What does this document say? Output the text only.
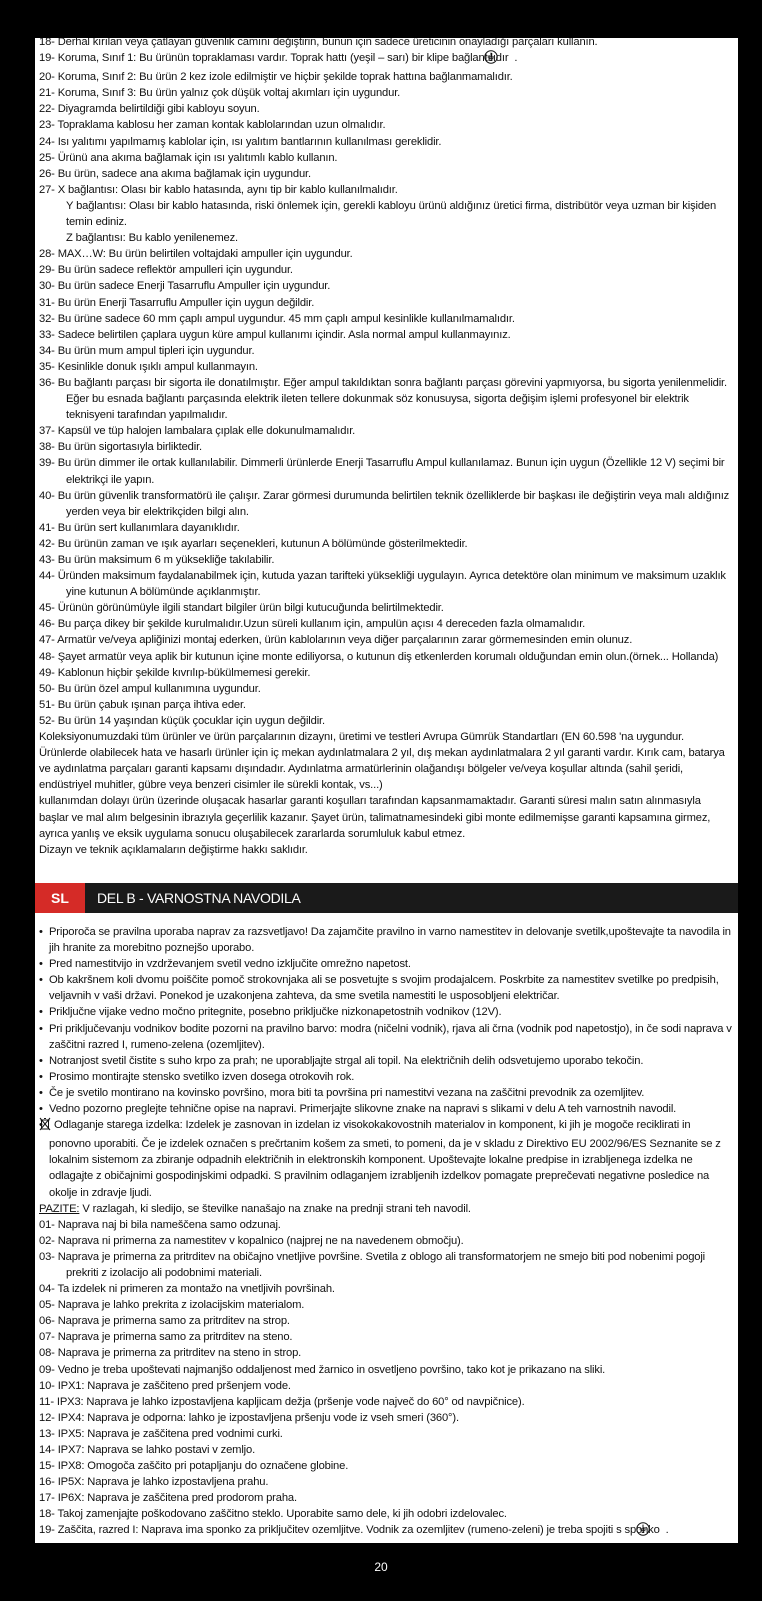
18- Derhal kırılan veya çatlayan güvenlik camını değiştirin, bunun için sadece üreticinin onayladığı parçaları kullanın.
19- Koruma, Sınıf 1: Bu ürünün topraklaması vardır. Toprak hattı (yeşil – sarı) bir klipe bağlantılıdır .
20- Koruma, Sınıf 2: Bu ürün 2 kez izole edilmiştir ve hiçbir şekilde toprak hattına bağlanmamalıdır.
21- Koruma, Sınıf 3: Bu ürün yalnız çok düşük voltaj akımları için uygundur.
22- Diyagramda belirtildiği gibi kabloyu soyun.
23- Topraklama kablosu her zaman kontak kablolarından uzun olmalıdır.
24- Isı yalıtımı yapılmamış kablolar için, ısı yalıtım bantlarının kullanılması gereklidir.
25- Ürünü ana akıma bağlamak için ısı yalıtımlı kablo kullanın.
26- Bu ürün, sadece ana akıma bağlamak için uygundur.
27- X bağlantısı: Olası bir kablo hatasında, aynı tip bir kablo kullanılmalıdır.
Y bağlantısı: Olası bir kablo hatasında, riski önlemek için, gerekli kabloyu ürünü aldığınız üretici firma, distribütör veya uzman bir kişiden temin ediniz.
Z bağlantısı: Bu kablo yenilenemez.
28- MAX…W: Bu ürün belirtilen voltajdaki ampuller için uygundur.
29- Bu ürün sadece reflektör ampulleri için uygundur.
30- Bu ürün sadece Enerji Tasarruflu Ampuller için uygundur.
31- Bu ürün Enerji Tasarruflu Ampuller için uygun değildir.
32- Bu ürüne sadece 60 mm çaplı ampul uygundur. 45 mm çaplı ampul kesinlikle kullanılmamalıdır.
33- Sadece belirtilen çaplara uygun küre ampul kullanımı içindir. Asla normal ampul kullanmayınız.
34- Bu ürün mum ampul tipleri için uygundur.
35- Kesinlikle donuk ışıklı ampul kullanmayın.
36- Bu bağlantı parçası bir sigorta ile donatılmıştır. Eğer ampul takıldıktan sonra bağlantı parçası görevini yapmıyorsa, bu sigorta yenilenmelidir. Eğer bu esnada bağlantı parçasında elektrik ileten tellere dokunmak söz konusuysa, sigorta değişim işlemi profesyonel bir elektrik teknisyeni tarafından yapılmalıdır.
37- Kapsül ve tüp halojen lambalara çıplak elle dokunulmamalıdır.
38- Bu ürün sigortasıyla birliktedir.
39- Bu ürün dimmer ile ortak kullanılabilir. Dimmerli ürünlerde Enerji Tasarruflu Ampul kullanılamaz. Bunun için uygun (Özellikle 12 V) seçimi bir elektrikçi ile yapın.
40- Bu ürün güvenlik transformatörü ile çalışır. Zarar görmesi durumunda belirtilen teknik özelliklerde bir başkası ile değiştirin veya malı aldığınız yerden veya bir elektrikçiden bilgi alın.
41- Bu ürün sert kullanımlara dayanıklıdır.
42- Bu ürünün zaman ve ışık ayarları seçenekleri, kutunun A bölümünde gösterilmektedir.
43- Bu ürün maksimum 6 m yüksekliğe takılabilir.
44- Üründen maksimum faydalanabilmek için, kutuda yazan tarifteki yüksekliği uygulayın. Ayrıca detektöre olan minimum ve maksimum uzaklık yine kutunun A bölümünde açıklanmıştır.
45- Ürünün görünümüyle ilgili standart bilgiler ürün bilgi kutucuğunda belirtilmektedir.
46- Bu parça dikey bir şekilde kurulmalıdır.Uzun süreli kullanım için, ampulün açısı 4 dereceden fazla olmamalıdır.
47- Armatür ve/veya apliğinizi montaj ederken, ürün kablolarının veya diğer parçalarının zarar görmemesinden emin olunuz.
48- Şayet armatür veya aplik bir kutunun içine monte ediliyorsa, o kutunun diş etkenlerden korumalı olduğundan emin olun.(örnek... Hollanda)
49- Kablonun hiçbir şekilde kıvrılıp-bükülmemesi gerekir.
50- Bu ürün özel ampul kullanımına uygundur.
51- Bu ürün çabuk ışınan parça ihtiva eder.
52- Bu ürün 14 yaşından küçük çocuklar için uygun değildir.
Koleksiyonumuzdaki tüm ürünler ve ürün parçalarının dizaynı, üretimi ve testleri Avrupa Gümrük Standartları (EN 60.598 'na uygundur. Ürünlerde olabilecek hata ve hasarlı ürünler için iç mekan aydınlatmalara 2 yıl, dış mekan aydınlatmalara 2 yıl garanti vardır. Kırık cam, batarya ve aydınlatma parçaları garanti kapsamı dışındadır. Aydınlatma armatürlerinin olağandışı bölgeler ve/veya koşullar altında (sahil şeridi, endüstriyel muhitler, gübre veya benzeri cisimler ile sürekli kontak, vs...)
kullanımdan dolayı ürün üzerinde oluşacak hasarlar garanti koşulları tarafından kapsanmamaktadır. Garanti süresi malın satın alınmasıyla başlar ve mal alım belgesinin ibrazıyla geçerlilik kazanır. Şayet ürün, talimatnamesindeki gibi monte edilmemişse garanti kapsamına girmez, ayrıca yanlış ve eksik uygulama sonucu oluşabilecek zararlarda sorumluluk kabul etmez.
Dizayn ve teknik açıklamaların değiştirme hakkı saklıdır.
SL	DEL B - VARNOSTNA NAVODILA
• Priporoča se pravilna uporaba naprav za razsvetljavo! Da zajamčite pravilno in varno namestitev in delovanje svetilk,upoštevajte ta navodila in jih hranite za morebitno poznejšo uporabo.
• Pred namestitvijo in vzdrževanjem svetil vedno izključite omrežno napetost.
• Ob kakršnem koli dvomu poiščite pomoč strokovnjaka ali se posvetujte s svojim prodajalcem. Poskrbite za namestitev svetilke po predpisih, veljavnih v vaši državi. Ponekod je uzakonjena zahteva, da sme svetila namestiti le usposobljeni električar.
• Priključne vijake vedno močno pritegnite, posebno priključke nizkonapetostnih vodnikov (12V).
• Pri priključevanju vodnikov bodite pozorni na pravilno barvo: modra (ničelni vodnik), rjava ali črna (vodnik pod napetostjo), in če sodi naprava v zaščitni razred I, rumeno-zelena (ozemljitev).
• Notranjost svetil čistite s suho krpo za prah; ne uporabljajte strgal ali topil. Na električnih delih odsvetujemo uporabo tekočin.
• Prosimo montirajte stensko svetilko izven dosega otrokovih rok.
• Če je svetilo montirano na kovinsko površino, mora biti ta površina pri namestitvi vezana na zaščitni prevodnik za ozemljitev.
• Vedno pozorno preglejte tehnične opise na napravi. Primerjajte slikovne znake na napravi s slikami v delu A teh varnostnih navodil.
• Odlaganje starega izdelka: Izdelek je zasnovan in izdelan iz visokokakovostnih materialov in komponent, ki jih je mogoče reciklirati in ponovno uporabiti. Če je izdelek označen s prečrtanim košem za smeti, to pomeni, da je v skladu z Direktivo EU 2002/96/ES Seznanite se z lokalnim sistemom za zbiranje odpadnih električnih in elektronskih komponent. Upoštevajte lokalne predpise in izrabljenega izdelka ne odlagajte z običajnimi gospodinjskimi odpadki. S pravilnim odlaganjem izrabljenih izdelkov pomagate preprečevati negativne posledice na okolje in zdravje ljudi.
PAZITE: V razlagah, ki sledijo, se številke nanašajo na znake na prednji strani teh navodil.
01- Naprava naj bi bila nameščena samo odzunaj.
02- Naprava ni primerna za namestitev v kopalnico (najprej ne na navedenem območju).
03- Naprava je primerna za pritrditev na običajno vnetljive površine. Svetila z oblogo ali transformatorjem ne smejo biti pod nobenimi pogoji prekriti z izolacijo ali podobnimi materiali.
04- Ta izdelek ni primeren za montažo na vnetljivih površinah.
05- Naprava je lahko prekrita z izolacijskim materialom.
06- Naprava je primerna samo za pritrditev na strop.
07- Naprava je primerna samo za pritrditev na steno.
08- Naprava je primerna za pritrditev na steno in strop.
09- Vedno je treba upoštevati najmanjšo oddaljenost med žarnico in osvetljeno površino, tako kot je prikazano na sliki.
10- IPX1: Naprava je zaščiteno pred pršenjem vode.
11- IPX3: Naprava je lahko izpostavljena kapljicam dežja (pršenje vode največ do 60° od navpičnice).
12- IPX4: Naprava je odporna: lahko je izpostavljena pršenju vode iz vseh smeri (360°).
13- IPX5: Naprava je zaščitena pred vodnimi curki.
14- IPX7: Naprava se lahko postavi v zemljo.
15- IPX8: Omogoča zaščito pri potapljanju do označene globine.
16- IP5X: Naprava je lahko izpostavljena prahu.
17- IP6X: Naprava je zaščitena pred prodorom praha.
18- Takoj zamenjajte poškodovano zaščitno steklo. Uporabite samo dele, ki jih odobri izdelovalec.
19- Zaščita, razred I: Naprava ima sponko za priključitev ozemljitve. Vodnik za ozemljitev (rumeno-zeleni) je treba spojiti s sponko .
20
